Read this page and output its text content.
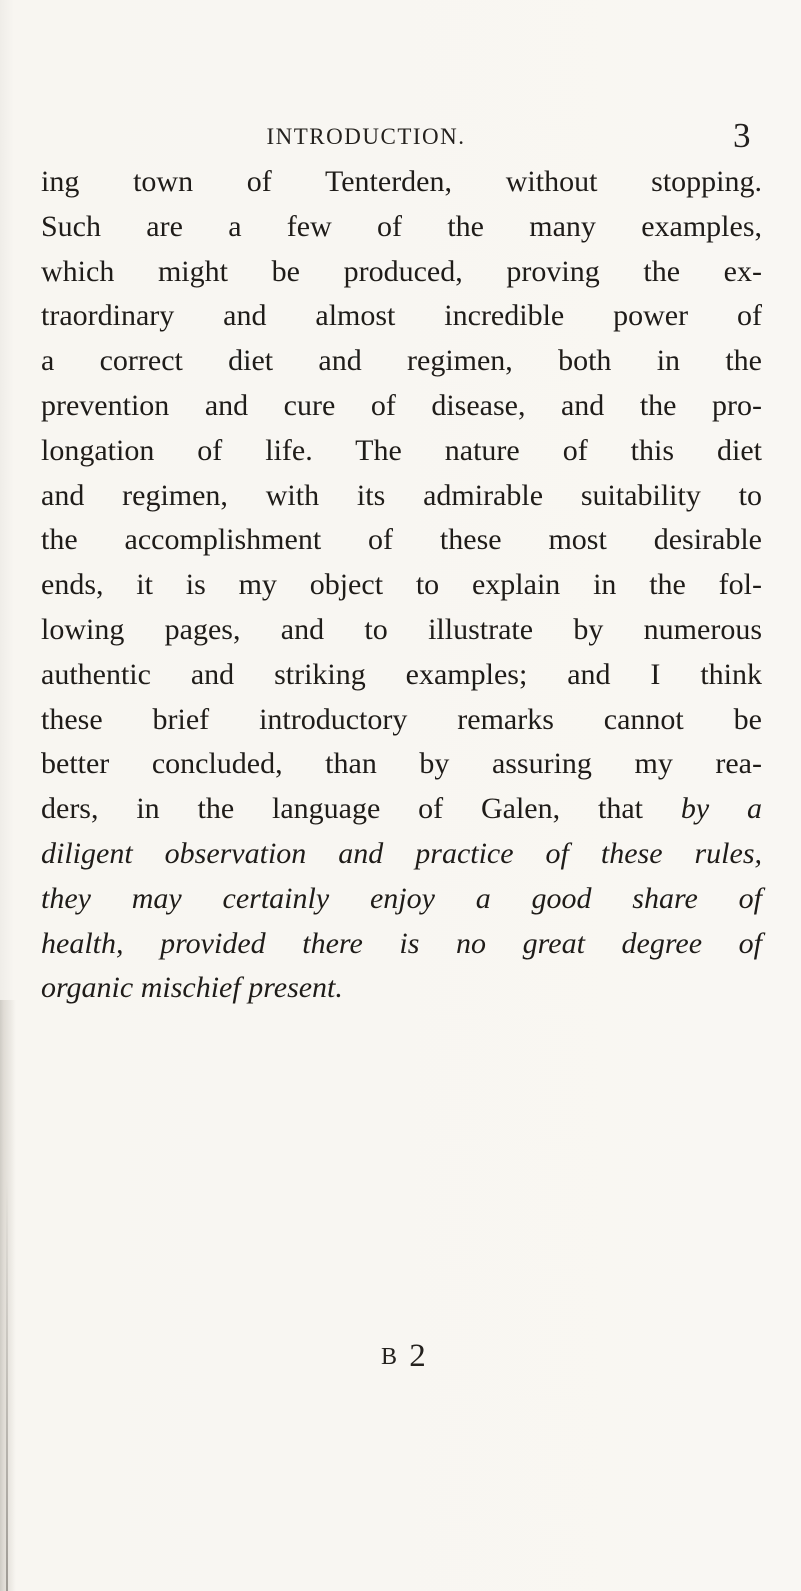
INTRODUCTION.	3
ing town of Tenterden, without stopping.
Such are a few of the many examples,
which might be produced, proving the ex-
traordinary and almost incredible power of
a correct diet and regimen, both in the
prevention and cure of disease, and the pro-
longation of life. The nature of this diet
and regimen, with its admirable suitability to
the accomplishment of these most desirable
ends, it is my object to explain in the fol-
lowing pages, and to illustrate by numerous
authentic and striking examples; and I think
these brief introductory remarks cannot be
better concluded, than by assuring my rea-
ders, in the language of Galen, that by a
diligent observation and practice of these rules,
they may certainly enjoy a good share of
health, provided there is no great degree of
organic mischief present.
B 2
